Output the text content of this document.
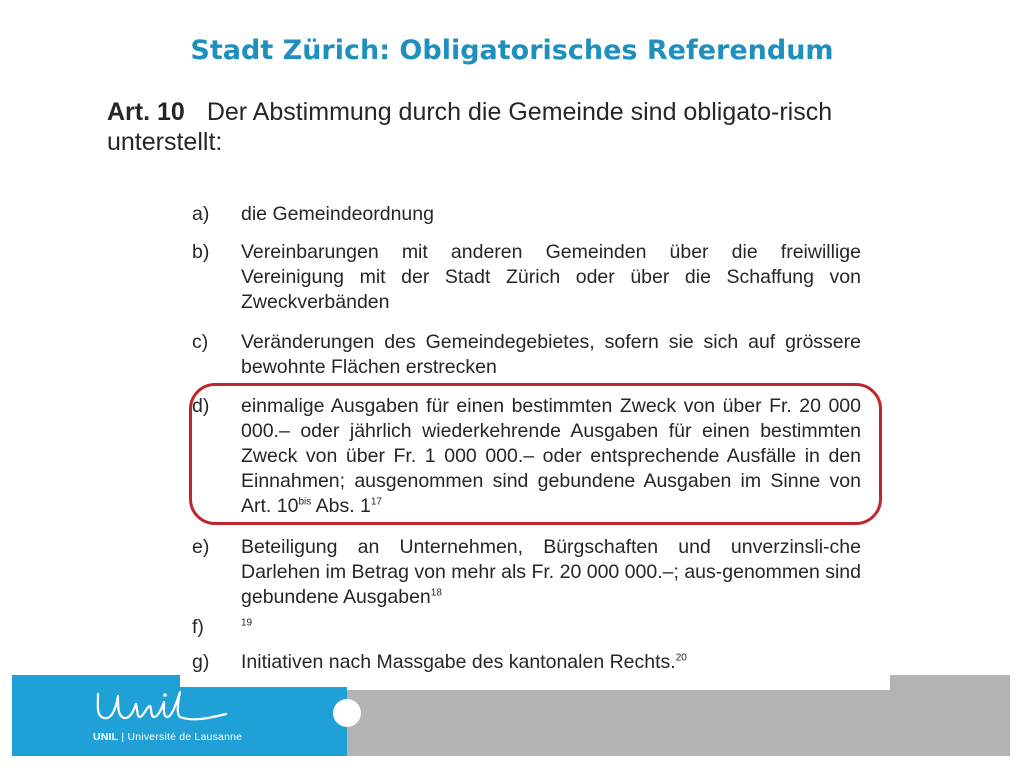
Stadt Zürich: Obligatorisches Referendum
Art. 10 Der Abstimmung durch die Gemeinde sind obligato-risch unterstellt:
a)	die Gemeindeordnung
b)	Vereinbarungen mit anderen Gemeinden über die freiwillige Vereinigung mit der Stadt Zürich oder über die Schaffung von Zweckverbänden
c)	Veränderungen des Gemeindegebietes, sofern sie sich auf grössere bewohnte Flächen erstrecken
d)	einmalige Ausgaben für einen bestimmten Zweck von über Fr. 20 000 000.– oder jährlich wiederkehrende Ausgaben für einen bestimmten Zweck von über Fr. 1 000 000.– oder entsprechende Ausfälle in den Einnahmen; ausgenommen sind gebundene Ausgaben im Sinne von Art. 10$^{bis}$ Abs. 1$^{17}$
e)	Beteiligung an Unternehmen, Bürgschaften und unverzinsli-che Darlehen im Betrag von mehr als Fr. 20 000 000.–; aus-genommen sind gebundene Ausgaben$^{18}$
f)	$^{19}$
g)	Initiativen nach Massgabe des kantonalen Rechts.$^{20}$
UNIL | Université de Lausanne
